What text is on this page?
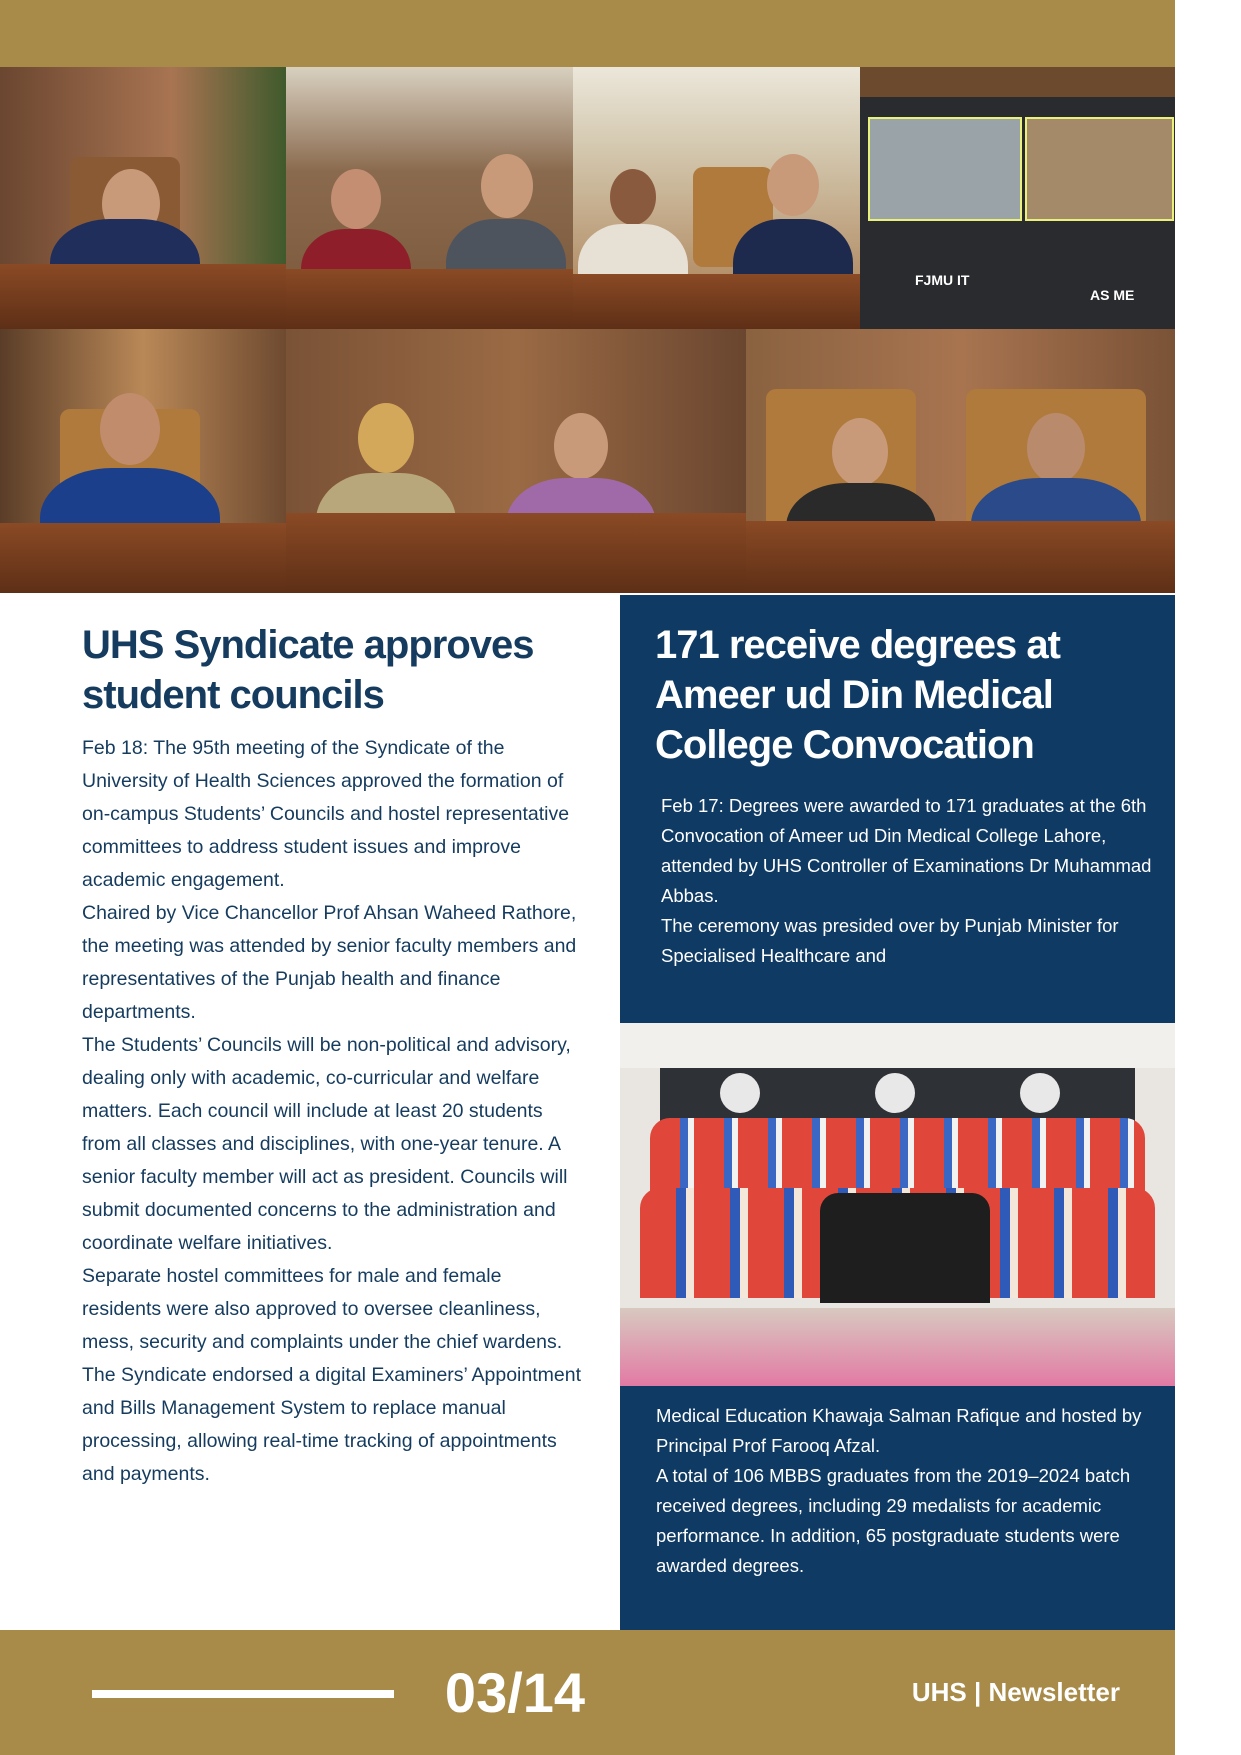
FJMU IT
AS ME
UHS Syndicate approves student councils

Feb 18: The 95th meeting of the Syndicate of the University of Health Sciences approved the formation of on-campus Students’ Councils and hostel representative committees to address student issues and improve academic engagement.

Chaired by Vice Chancellor Prof Ahsan Waheed Rathore, the meeting was attended by senior faculty members and representatives of the Punjab health and finance departments.

The Students’ Councils will be non-political and advisory, dealing only with academic, co-curricular and welfare matters. Each council will include at least 20 students from all classes and disciplines, with one-year tenure. A senior faculty member will act as president. Councils will submit documented concerns to the administration and coordinate welfare initiatives.

Separate hostel committees for male and female residents were also approved to oversee cleanliness, mess, security and complaints under the chief wardens.

The Syndicate endorsed a digital Examiners’ Appointment and Bills Management System to replace manual processing, allowing real-time tracking of appointments and payments.

171 receive degrees at Ameer ud Din Medical College Convocation

Feb 17: Degrees were awarded to 171 graduates at the 6th Convocation of Ameer ud Din Medical College Lahore, attended by UHS Controller of Examinations Dr Muhammad Abbas.

The ceremony was presided over by Punjab Minister for Specialised Healthcare and

Medical Education Khawaja Salman Rafique and hosted by Principal Prof Farooq Afzal.

A total of 106 MBBS graduates from the 2019–2024 batch received degrees, including 29 medalists for academic performance. In addition, 65 postgraduate students were awarded degrees.

03/14	UHS | Newsletter
